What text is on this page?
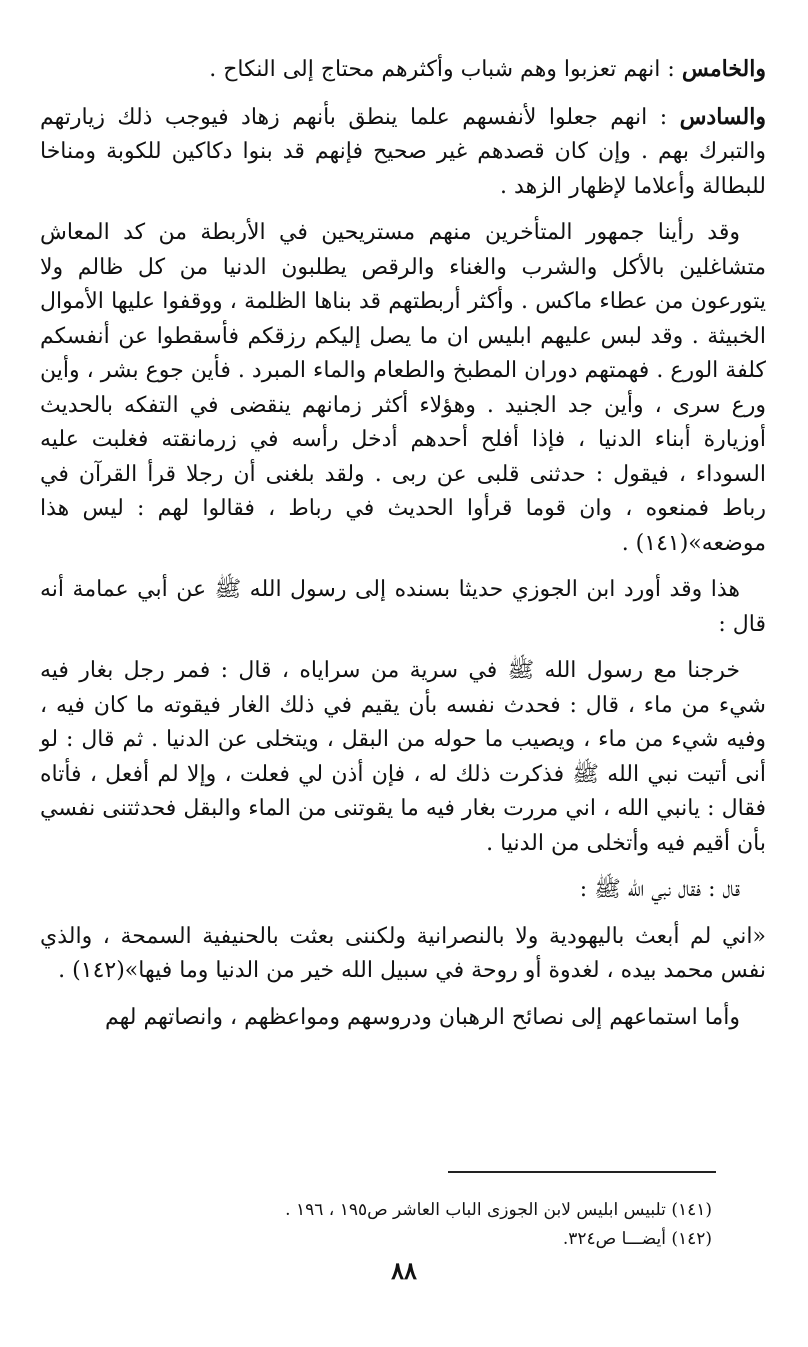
والخامس : انهم تعزبوا وهم شباب وأكثرهم محتاج إلى النكاح .

والسادس : انهم جعلوا لأنفسهم علما ينطق بأنهم زهاد فيوجب ذلك زيارتهم والتبرك بهم . وإن كان قصدهم غير صحيح فإنهم قد بنوا دكاكين للكوبة ومناخا للبطالة وأعلاما لإظهار الزهد .

وقد رأينا جمهور المتأخرين منهم مستريحين في الأربطة من كد المعاش متشاغلين بالأكل والشرب والغناء والرقص يطلبون الدنيا من كل ظالم ولا يتورعون من عطاء ماكس . وأكثر أربطتهم قد بناها الظلمة ، ووقفوا عليها الأموال الخبيثة . وقد لبس عليهم ابليس ان ما يصل إليكم رزقكم فأسقطوا عن أنفسكم كلفة الورع . فهمتهم دوران المطبخ والطعام والماء المبرد . فأين جوع بشر ، وأين ورع سرى ، وأين جد الجنيد . وهؤلاء أكثر زمانهم ينقضى في التفكه بالحديث أوزيارة أبناء الدنيا ، فإذا أفلح أحدهم أدخل رأسه في زرمانقته فغلبت عليه السوداء ، فيقول : حدثنى قلبى عن ربى . ولقد بلغنى أن رجلا قرأ القرآن في رباط فمنعوه ، وان قوما قرأوا الحديث في رباط ، فقالوا لهم : ليس هذا موضعه»(١٤١) .

هذا وقد أورد ابن الجوزي حديثا بسنده إلى رسول الله ﷺ عن أبي عمامة أنه قال :

خرجنا مع رسول الله ﷺ في سرية من سراياه ، قال : فمر رجل بغار فيه شيء من ماء ، قال : فحدث نفسه بأن يقيم في ذلك الغار فيقوته ما كان فيه ، وفيه شيء من ماء ، ويصيب ما حوله من البقل ، ويتخلى عن الدنيا . ثم قال : لو أنى أتيت نبي الله ﷺ فذكرت ذلك له ، فإن أذن لي فعلت ، وإلا لم أفعل ، فأتاه فقال : يانبي الله ، اني مررت بغار فيه ما يقوتنى من الماء والبقل فحدثتنى نفسي بأن أقيم فيه وأتخلى من الدنيا .

قال : فقال نبي الله ﷺ :

«اني لم أبعث باليهودية ولا بالنصرانية ولكننى بعثت بالحنيفية السمحة ، والذي نفس محمد بيده ، لغدوة أو روحة في سبيل الله خير من الدنيا وما فيها»(١٤٢) .

وأما استماعهم إلى نصائح الرهبان ودروسهم ومواعظهم ، وانصاتهم لهم

(١٤١) تلبيس ابليس لابن الجوزى الباب العاشر ص١٩٥ ، ١٩٦ .
(١٤٢) أيضـــا ص٣٢٤.
٨٨
